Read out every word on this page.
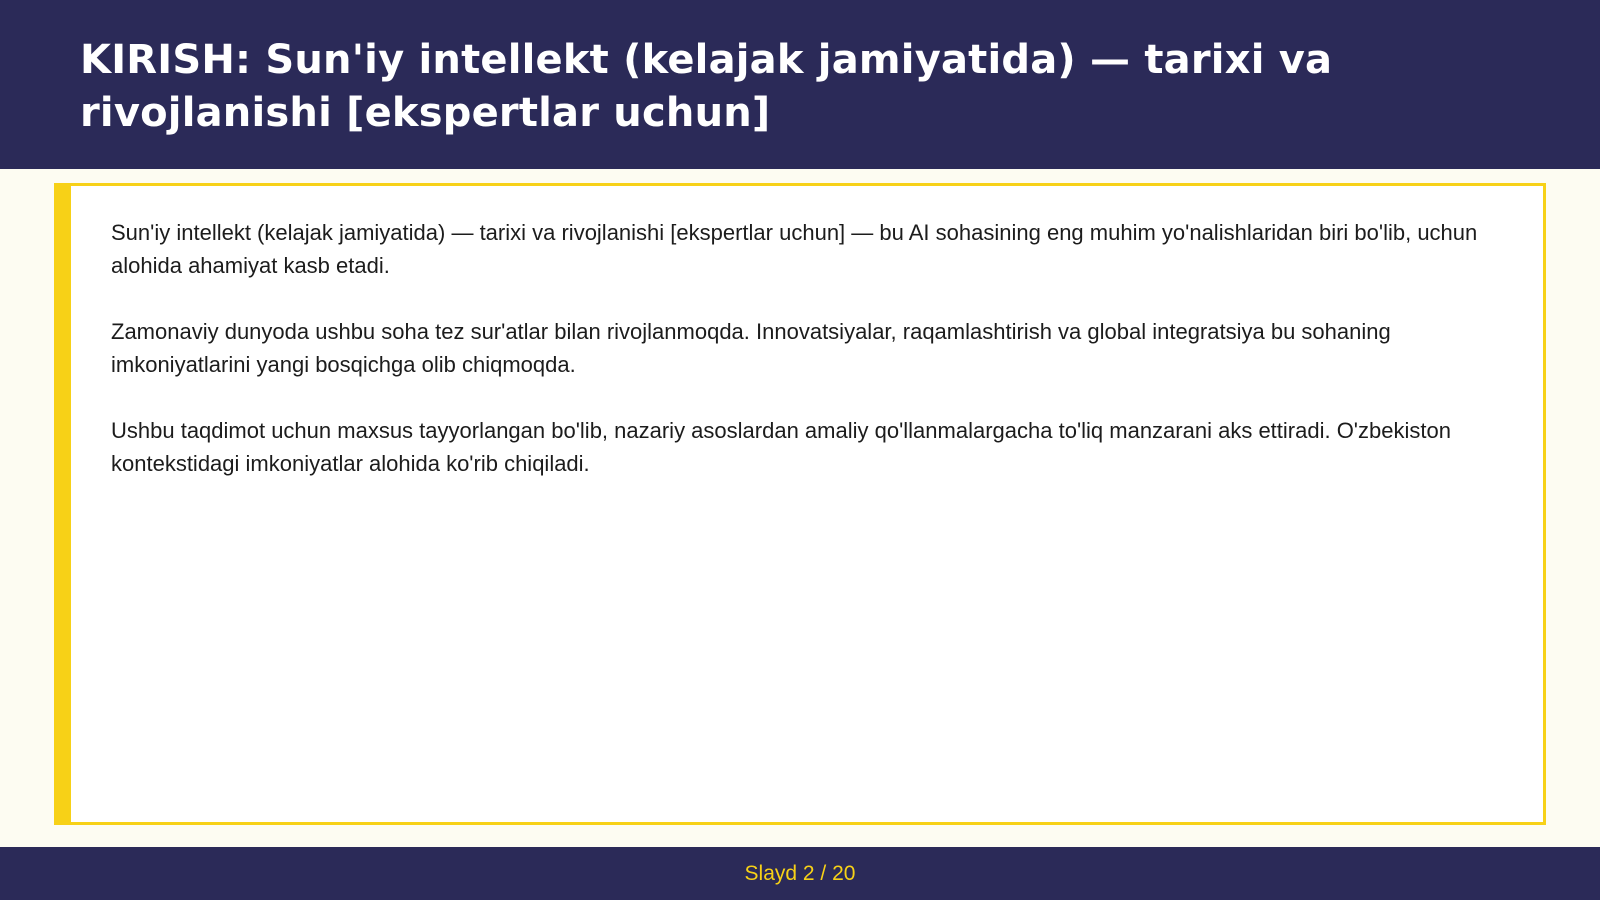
KIRISH: Sun'iy intellekt (kelajak jamiyatida) — tarixi va rivojlanishi [ekspertlar uchun]

Sun'iy intellekt (kelajak jamiyatida) — tarixi va rivojlanishi [ekspertlar uchun] — bu AI sohasining eng muhim yo'nalishlaridan biri bo'lib, uchun alohida ahamiyat kasb etadi.

Zamonaviy dunyoda ushbu soha tez sur'atlar bilan rivojlanmoqda. Innovatsiyalar, raqamlashtirish va global integratsiya bu sohaning imkoniyatlarini yangi bosqichga olib chiqmoqda.

Ushbu taqdimot uchun maxsus tayyorlangan bo'lib, nazariy asoslardan amaliy qo'llanmalargacha to'liq manzarani aks ettiradi. O'zbekiston kontekstidagi imkoniyatlar alohida ko'rib chiqiladi.

Slayd 2 / 20
